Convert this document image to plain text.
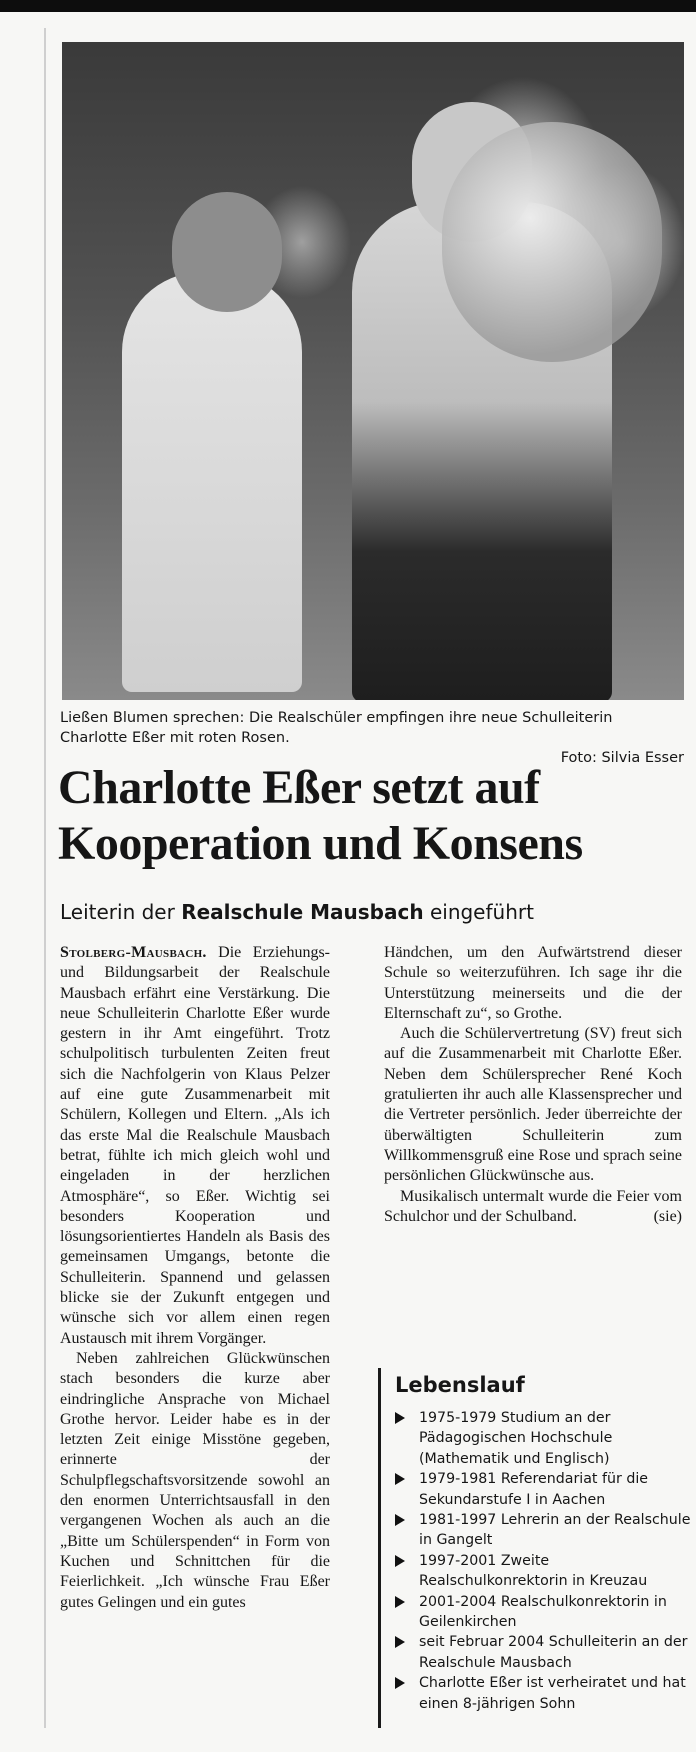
Ließen Blumen sprechen: Die Realschüler empfingen ihre neue Schulleiterin Charlotte Eßer mit roten Rosen.
Foto: Silvia Esser
Charlotte Eßer setzt auf
Kooperation und Konsens
Leiterin der Realschule Mausbach eingeführt

Stolberg-Mausbach. Die Erziehungs- und Bildungsarbeit der Realschule Mausbach erfährt eine Verstärkung. Die neue Schulleiterin Charlotte Eßer wurde gestern in ihr Amt eingeführt. Trotz schulpolitisch turbulenten Zeiten freut sich die Nachfolgerin von Klaus Pelzer auf eine gute Zusammenarbeit mit Schülern, Kollegen und Eltern. „Als ich das erste Mal die Realschule Mausbach betrat, fühlte ich mich gleich wohl und eingeladen in der herzlichen Atmosphäre“, so Eßer. Wichtig sei besonders Kooperation und lösungsorientiertes Handeln als Basis des gemeinsamen Umgangs, betonte die Schulleiterin. Spannend und gelassen blicke sie der Zukunft entgegen und wünsche sich vor allem einen regen Austausch mit ihrem Vorgänger.

Neben zahlreichen Glückwünschen stach besonders die kurze aber eindringliche Ansprache von Michael Grothe hervor. Leider habe es in der letzten Zeit einige Misstöne gegeben, erinnerte der Schulpflegschaftsvorsitzende sowohl an den enormen Unterrichtsausfall in den vergangenen Wochen als auch an die „Bitte um Schülerspenden“ in Form von Kuchen und Schnittchen für die Feierlichkeit. „Ich wünsche Frau Eßer gutes Gelingen und ein gutes

Händchen, um den Aufwärtstrend dieser Schule so weiterzuführen. Ich sage ihr die Unterstützung meinerseits und die der Elternschaft zu“, so Grothe.

Auch die Schülervertretung (SV) freut sich auf die Zusammenarbeit mit Charlotte Eßer. Neben dem Schülersprecher René Koch gratulierten ihr auch alle Klassensprecher und die Vertreter persönlich. Jeder überreichte der überwältigten Schulleiterin zum Willkommensgruß eine Rose und sprach seine persönlichen Glückwünsche aus.

Musikalisch untermalt wurde die Feier vom Schulchor und der Schulband.	(sie)

Lebenslauf
1975-1979 Studium an der Pädagogischen Hochschule (Mathematik und Englisch)
1979-1981 Referendariat für die Sekundarstufe I in Aachen
1981-1997 Lehrerin an der Realschule in Gangelt
1997-2001 Zweite Realschulkonrektorin in Kreuzau
2001-2004 Realschulkonrektorin in Geilenkirchen
seit Februar 2004 Schulleiterin an der Realschule Mausbach
Charlotte Eßer ist verheiratet und hat einen 8-jährigen Sohn
